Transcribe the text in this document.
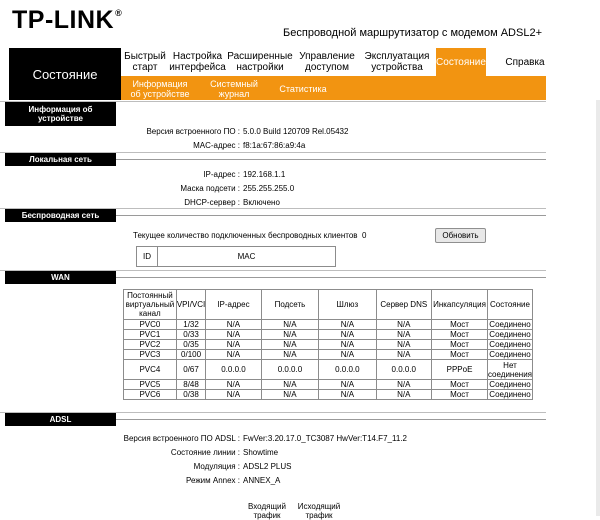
TP-LINK®
Беспроводной маршрутизатор с модемом ADSL2+
Состояние
Быстрый старт
Настройка интерфейса
Расширенные настройки
Управление доступом
Эксплуатация устройства	Состояние	Справка
Информация об устройстве
Системный журнал	Статистика
Информация об устройстве
Версия встроенного ПО : 5.0.0 Build 120709 Rel.05432
MAC-адрес : f8:1a:67:86:a9:4a
Локальная сеть
IP-адрес : 192.168.1.1
Маска подсети : 255.255.255.0
DHCP-сервер : Включено
Беспроводная сеть
Текущее количество подключенных беспроводных клиентов 0	Обновить
ID	MAC
WAN
Постоянный виртуальный канал	VPI/VCI	IP-адрес	Подсеть	Шлюз	Сервер DNS	Инкапсуляция	Состояние
PVC0	1/32	N/A	N/A	N/A	N/A	Мост	Соединено
PVC1	0/33	N/A	N/A	N/A	N/A	Мост	Соединено
PVC2	0/35	N/A	N/A	N/A	N/A	Мост	Соединено
PVC3	0/100	N/A	N/A	N/A	N/A	Мост	Соединено
PVC4	0/67	0.0.0.0	0.0.0.0	0.0.0.0	0.0.0.0	PPPoE	Нет соединения
PVC5	8/48	N/A	N/A	N/A	N/A	Мост	Соединено
PVC6	0/38	N/A	N/A	N/A	N/A	Мост	Соединено
ADSL
Версия встроенного ПО ADSL : FwVer:3.20.17.0_TC3087 HwVer:T14.F7_11.2
Состояние линии : Showtime
Модуляция : ADSL2 PLUS
Режим Annex : ANNEX_A
Входящий трафик
Исходящий трафик
